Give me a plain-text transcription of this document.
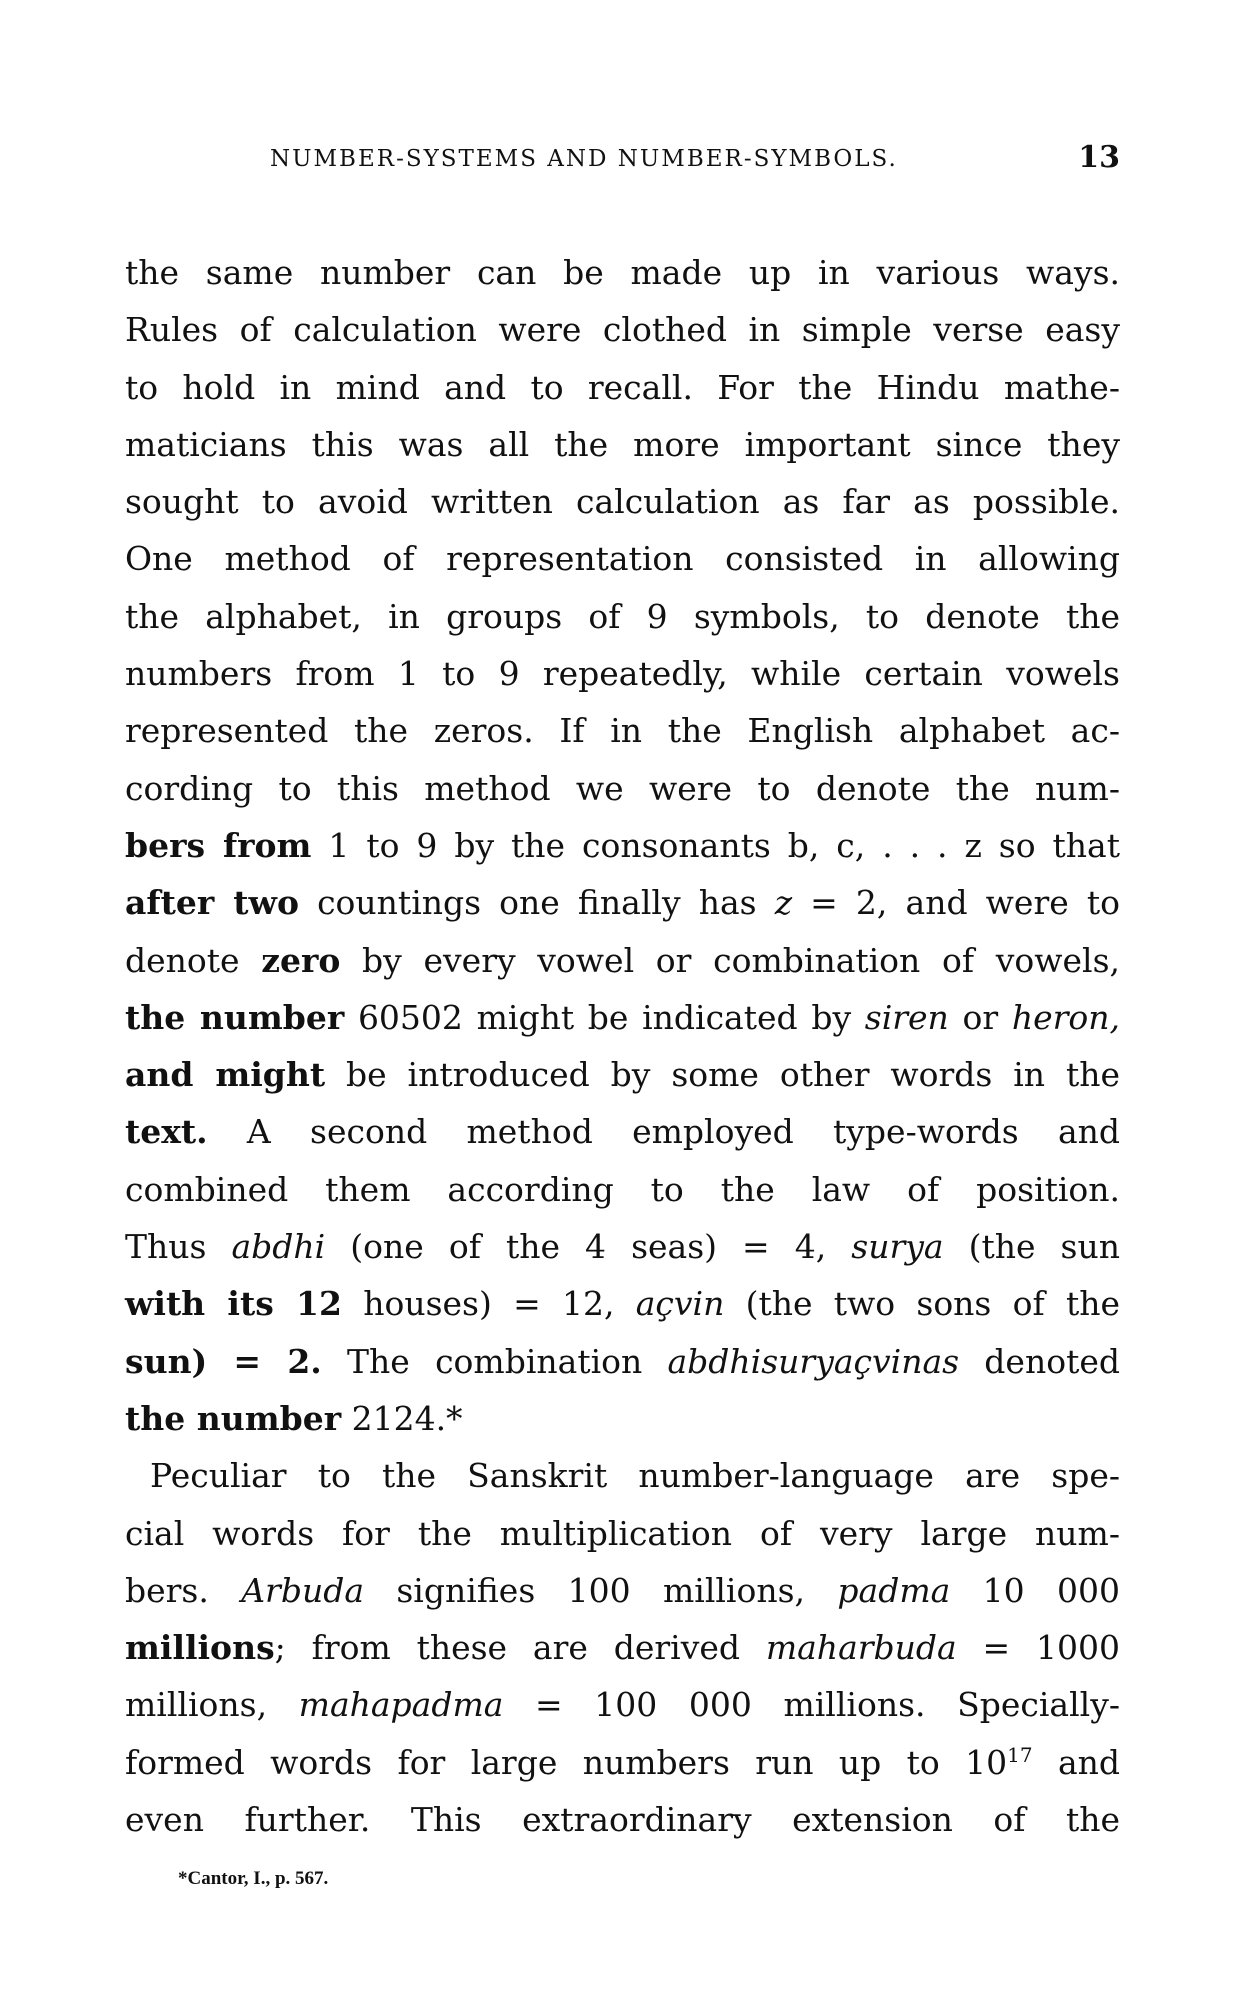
NUMBER-SYSTEMS AND NUMBER-SYMBOLS.	13
the same number can be made up in various ways.
Rules of calculation were clothed in simple verse easy
to hold in mind and to recall. For the Hindu mathe-
maticians this was all the more important since they
sought to avoid written calculation as far as possible.
One method of representation consisted in allowing
the alphabet, in groups of 9 symbols, to denote the
numbers from 1 to 9 repeatedly, while certain vowels
represented the zeros. If in the English alphabet ac-
cording to this method we were to denote the num-
bers from 1 to 9 by the consonants b, c, . . . z so that
after two countings one finally has z = 2, and were to
denote zero by every vowel or combination of vowels,
the number 60502 might be indicated by siren or heron,
and might be introduced by some other words in the
text. A second method employed type-words and
combined them according to the law of position.
Thus abdhi (one of the 4 seas) = 4, surya (the sun
with its 12 houses) = 12, açvin (the two sons of the
sun) = 2. The combination abdhisuryaçvinas denoted
the number 2124.*
Peculiar to the Sanskrit number-language are spe-
cial words for the multiplication of very large num-
bers. Arbuda signifies 100 millions, padma 10 000
millions; from these are derived maharbuda = 1000
millions, mahapadma = 100 000 millions. Specially-
formed words for large numbers run up to $10^{17}$ and
even further. This extraordinary extension of the
*Cantor, I., p. 567.
